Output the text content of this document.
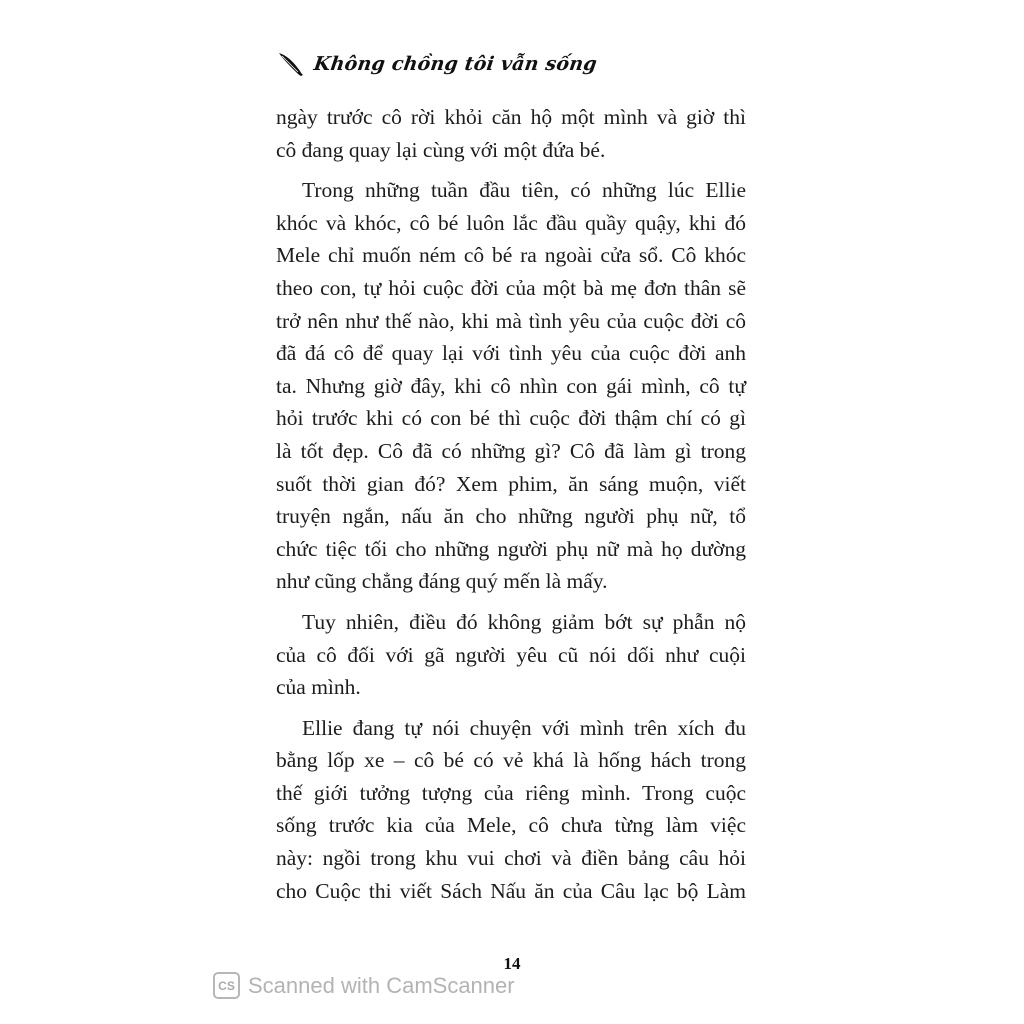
Không chồng tôi vẫn sống
ngày trước cô rời khỏi căn hộ một mình và giờ thì
cô đang quay lại cùng với một đứa bé.
Trong những tuần đầu tiên, có những lúc Ellie
khóc và khóc, cô bé luôn lắc đầu quầy quậy, khi đó
Mele chỉ muốn ném cô bé ra ngoài cửa sổ. Cô khóc
theo con, tự hỏi cuộc đời của một bà mẹ đơn thân sẽ
trở nên như thế nào, khi mà tình yêu của cuộc đời cô
đã đá cô để quay lại với tình yêu của cuộc đời anh
ta. Nhưng giờ đây, khi cô nhìn con gái mình, cô tự
hỏi trước khi có con bé thì cuộc đời thậm chí có gì
là tốt đẹp. Cô đã có những gì? Cô đã làm gì trong
suốt thời gian đó? Xem phim, ăn sáng muộn, viết
truyện ngắn, nấu ăn cho những người phụ nữ, tổ
chức tiệc tối cho những người phụ nữ mà họ dường
như cũng chẳng đáng quý mến là mấy.
Tuy nhiên, điều đó không giảm bớt sự phẫn nộ
của cô đối với gã người yêu cũ nói dối như cuội
của mình.
Ellie đang tự nói chuyện với mình trên xích đu
bằng lốp xe – cô bé có vẻ khá là hống hách trong
thế giới tưởng tượng của riêng mình. Trong cuộc
sống trước kia của Mele, cô chưa từng làm việc
này: ngồi trong khu vui chơi và điền bảng câu hỏi
cho Cuộc thi viết Sách Nấu ăn của Câu lạc bộ Làm
14
CS Scanned with CamScanner
